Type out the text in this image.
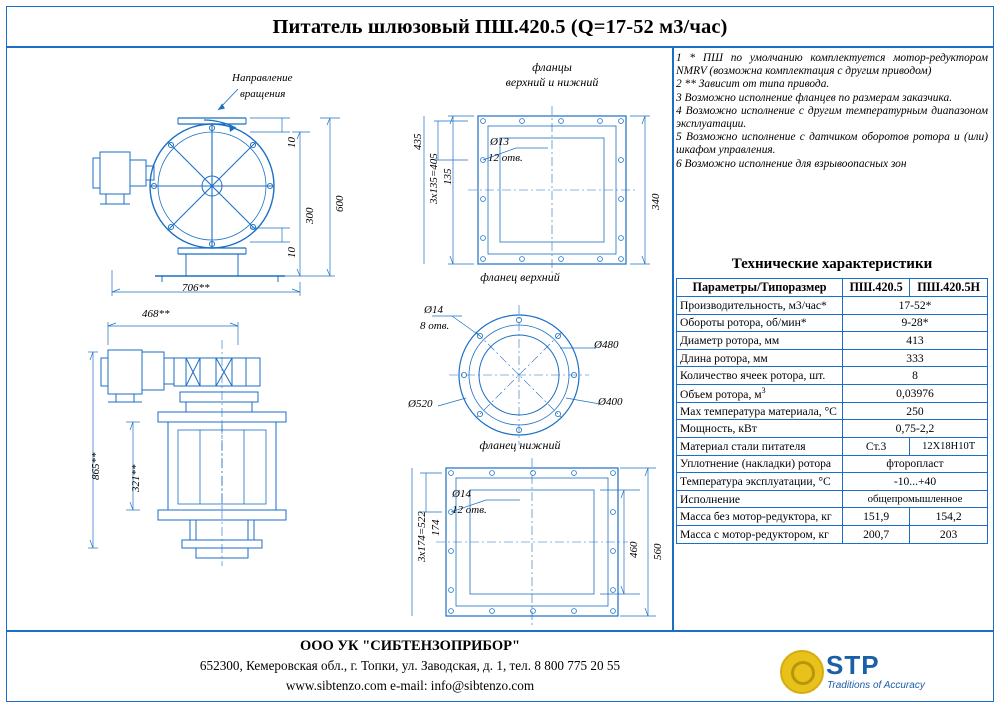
Питатель шлюзовый ПШ.420.5 (Q=17-52 м3/час)
1 * ПШ по умолчанию комплектуется мотор-редуктором NMRV (возможна комплектация с другим приводом)
2 ** Зависит от типа привода.
3 Возможно исполнение фланцев по размерам заказчика.
4 Возможно исполнение с другим температурным диапазоном эксплуатации.
5 Возможно исполнение с датчиком оборотов ротора и (или) шкафом управления.
6 Возможно исполнение для взрывоопасных зон
Технические характеристики
Параметры/Типоразмер	ПШ.420.5	ПШ.420.5Н
Производительность, м3/час*	17-52*	
Обороты ротора, об/мин*	9-28*	
Диаметр ротора, мм	413	
Длина ротора, мм	333	
Количество ячеек ротора, шт.	8	
Объем ротора, $м^3$	0,03976	
Мах температура материала, °С	250	
Мощность, кВт	0,75-2,2	
Материал стали питателя	Ст.3	12Х18Н10Т
Уплотнение (накладки) ротора	фторопласт	
Температура эксплуатации, °С	-10...+40	
Исполнение	общепромышленное	
Масса без мотор-редуктора, кг	151,9	154,2
Масса с мотор-редуктором, кг	200,7	203
Направление
вращения
10
10
300
600
706**
468**
865**	321**
фланцы
верхний и нижний
340
Ø13
12 отв.
135
3x135=405
435
фланец верхний
Ø14
8 отв.
Ø480
Ø520	Ø400
фланец нижний
Ø14
12 отв.
460 560
174
3x174=522
ООО УК "СИБТЕНЗОПРИБОР"
652300, Кемеровская обл., г. Топки, ул. Заводская, д. 1, тел. 8 800 775 20 55
www.sibtenzo.com e-mail: info@sibtenzo.com
STP
Traditions of Accuracy
